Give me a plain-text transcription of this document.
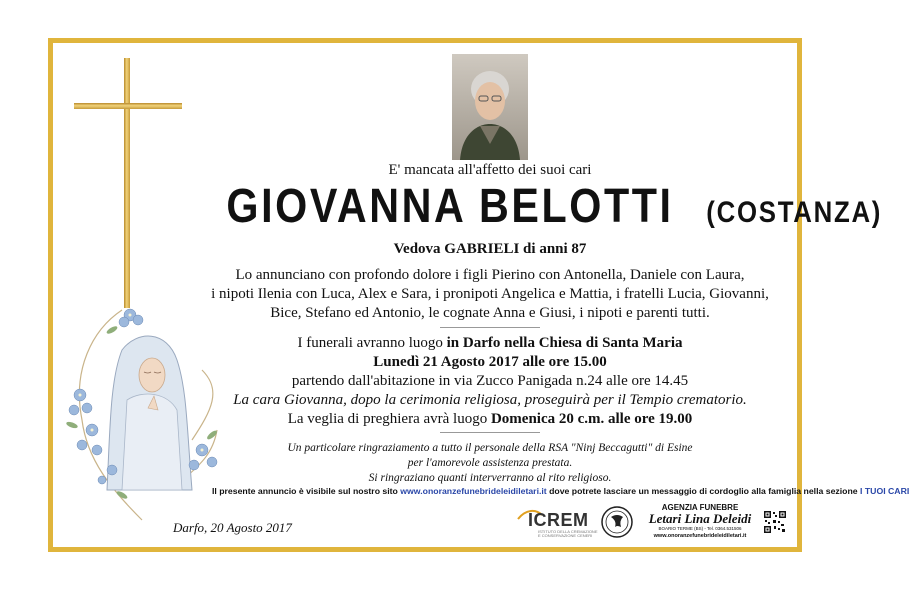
E' mancata all'affetto dei suoi cari
GIOVANNA BELOTTI (COSTANZA)
Vedova GABRIELI di anni 87
Lo annunciano con profondo dolore i figli Pierino con Antonella, Daniele con Laura,
i nipoti Ilenia con Luca, Alex e Sara, i pronipoti Angelica e Mattia, i fratelli Lucia, Giovanni,
Bice, Stefano ed Antonio, le cognate Anna e Giusi, i nipoti e parenti tutti.
I funerali avranno luogo in Darfo nella Chiesa di Santa Maria
Lunedì 21 Agosto 2017 alle ore 15.00
partendo dall'abitazione in via Zucco Panigada n.24 alle ore 14.45
La cara Giovanna, dopo la cerimonia religiosa, proseguirà per il Tempio crematorio.
La veglia di preghiera avrà luogo Domenica 20 c.m. alle ore 19.00
Un particolare ringraziamento a tutto il personale della RSA "Ninj Beccagutti" di Esine
per l'amorevole assistenza prestata.
Si ringraziano quanti interverranno al rito religioso.
Il presente annuncio è visibile sul nostro sito www.onoranzefunebrideleidiletari.it dove potrete lasciare un messaggio di cordoglio alla famiglia nella sezione I TUOI CARI
Darfo, 20 Agosto 2017	ICREM
ISTITUTO DELLA CREMAZIONE E CONSERVAZIONE CENERI
AGENZIA FUNEBRE
Letari Lina Deleidi
BOARIO TERME (BS) - Tel. 0364.531506
www.onoranzefunebrideleidiletari.it
